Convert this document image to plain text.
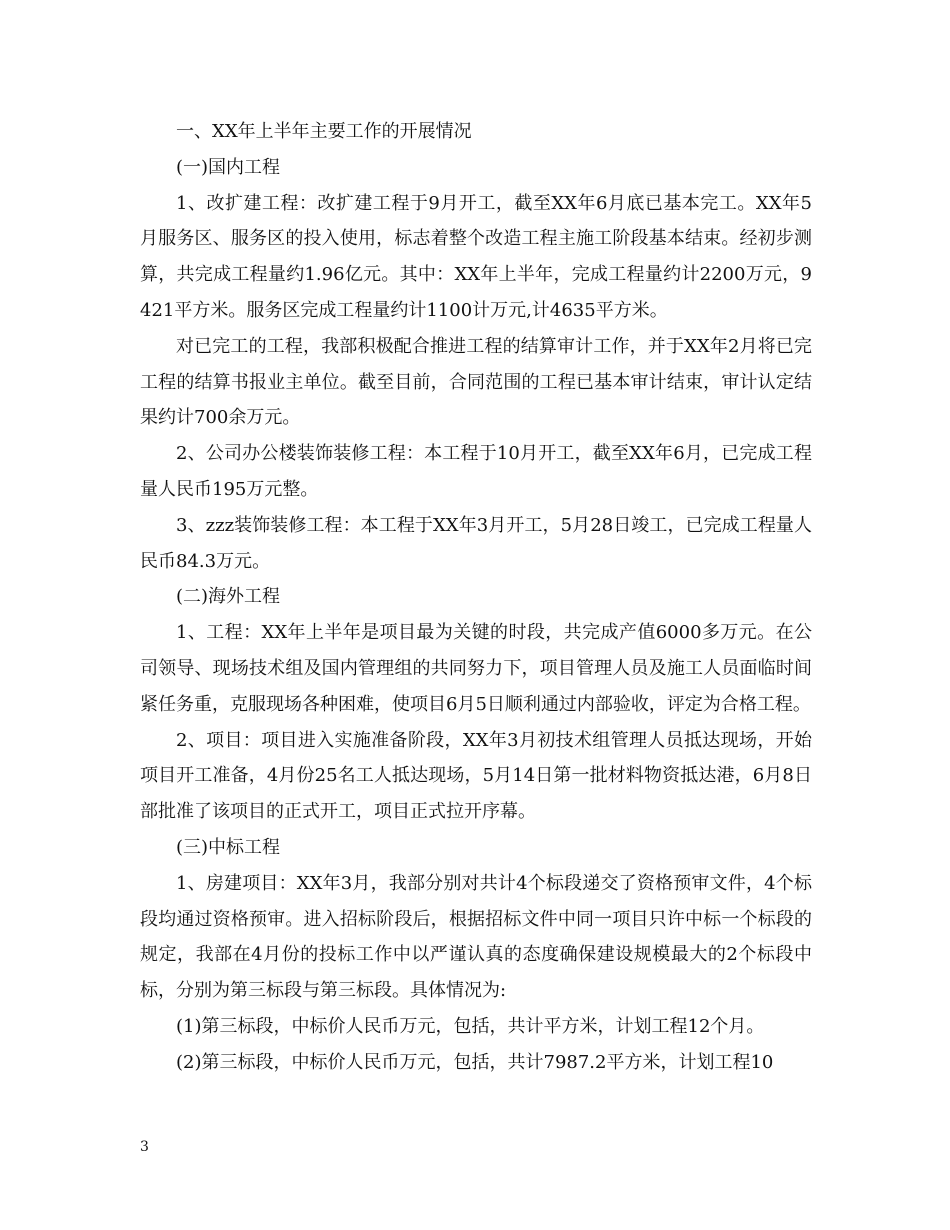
一、XX年上半年主要工作的开展情况

(一)国内工程

1、改扩建工程：改扩建工程于9月开工，截至XX年6月底已基本完工。XX年5月服务区、服务区的投入使用，标志着整个改造工程主施工阶段基本结束。经初步测算，共完成工程量约1.96亿元。其中：XX年上半年，完成工程量约计2200万元，9421平方米。服务区完成工程量约计1100计万元,计4635平方米。

对已完工的工程，我部积极配合推进工程的结算审计工作，并于XX年2月将已完工程的结算书报业主单位。截至目前，合同范围的工程已基本审计结束，审计认定结果约计700余万元。

2、公司办公楼装饰装修工程：本工程于10月开工，截至XX年6月，已完成工程量人民币195万元整。

3、zzz装饰装修工程：本工程于XX年3月开工，5月28日竣工，已完成工程量人民币84.3万元。

(二)海外工程

1、工程：XX年上半年是项目最为关键的时段，共完成产值6000多万元。在公司领导、现场技术组及国内管理组的共同努力下，项目管理人员及施工人员面临时间紧任务重，克服现场各种困难，使项目6月5日顺利通过内部验收，评定为合格工程。

2、项目：项目进入实施准备阶段，XX年3月初技术组管理人员抵达现场，开始项目开工准备，4月份25名工人抵达现场，5月14日第一批材料物资抵达港，6月8日部批准了该项目的正式开工，项目正式拉开序幕。

(三)中标工程

1、房建项目：XX年3月，我部分别对共计4个标段递交了资格预审文件，4个标段均通过资格预审。进入招标阶段后，根据招标文件中同一项目只许中标一个标段的规定，我部在4月份的投标工作中以严谨认真的态度确保建设规模最大的2个标段中标，分别为第三标段与第三标段。具体情况为:

(1)第三标段，中标价人民币万元，包括，共计平方米，计划工程12个月。

(2)第三标段，中标价人民币万元，包括，共计7987.2平方米，计划工程10

3
